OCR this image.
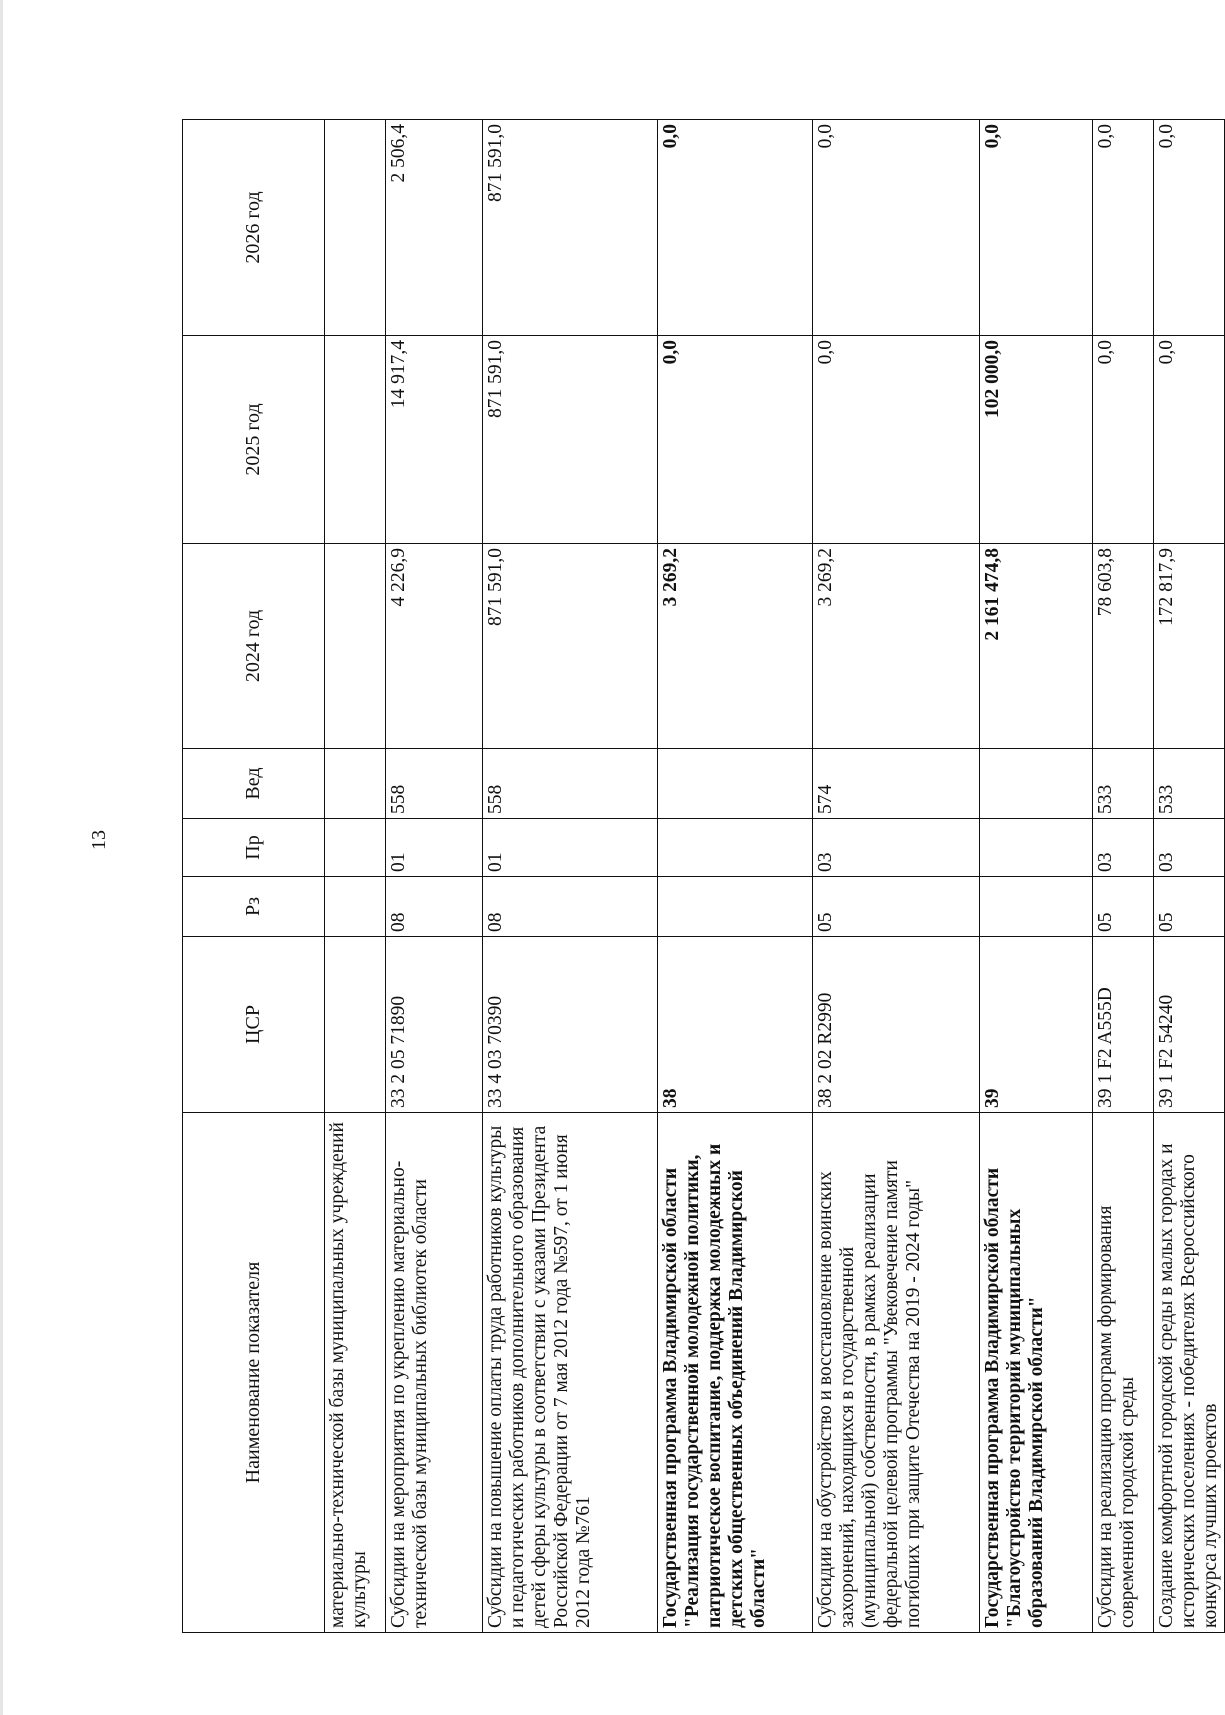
13
Наименование показателя	ЦСР	Рз	Пр	Вед	2024 год	2025 год	2026 год
материально-технической базы муниципальных учреждений культуры							
Субсидии на мероприятия по укреплению материально-технической базы муниципальных библиотек области	33 2 05 71890	08	01	558	4 226,9	14 917,4	2 506,4
Субсидии на повышение оплаты труда работников культуры и педагогических работников дополнительного образования детей сферы культуры в соответствии с указами Президента Российской Федерации от 7 мая 2012 года №597, от 1 июня 2012 года №761	33 4 03 70390	08	01	558	871 591,0	871 591,0	871 591,0
Государственная программа Владимирской области "Реализация государственной молодежной политики, патриотическое воспитание, поддержка молодежных и детских общественных объединений Владимирской области"	38				3 269,2	0,0	0,0
Субсидии на обустройство и восстановление воинских захоронений, находящихся в государственной (муниципальной) собственности, в рамках реализации федеральной целевой программы "Увековечение памяти погибших при защите Отечества на 2019 - 2024 годы"	38 2 02 R2990	05	03	574	3 269,2	0,0	0,0
Государственная программа Владимирской области "Благоустройство территорий муниципальных образований Владимирской области"	39				2 161 474,8	102 000,0	0,0
Субсидии на реализацию программ формирования современной городской среды	39 1 F2 A555D	05	03	533	78 603,8	0,0	0,0
Создание комфортной городской среды в малых городах и исторических поселениях - победителях Всероссийского конкурса лучших проектов	39 1 F2 54240	05	03	533	172 817,9	0,0	0,0
